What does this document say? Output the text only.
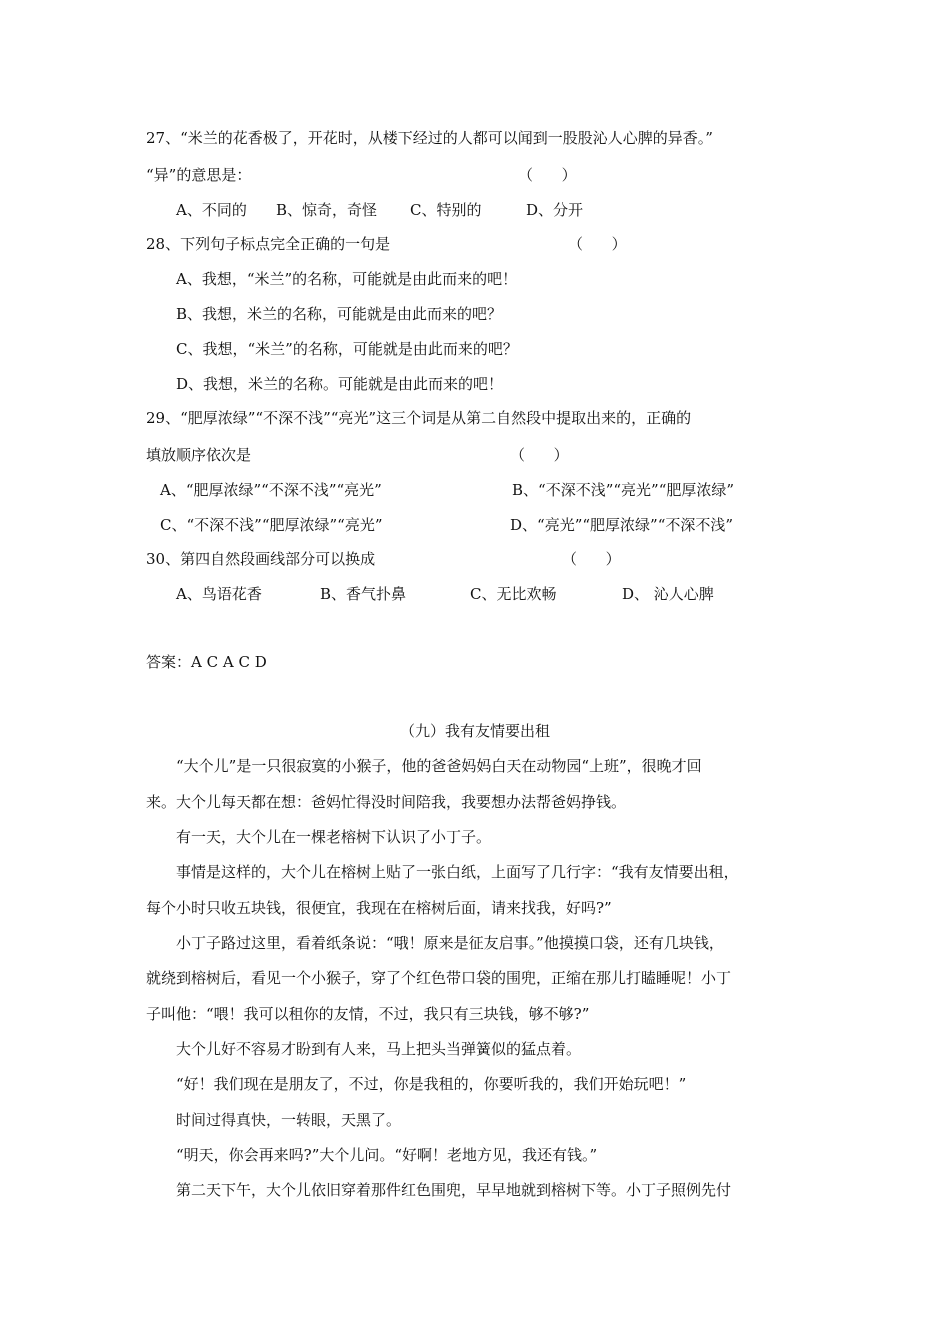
27、“米兰的花香极了，开花时，从楼下经过的人都可以闻到一股股沁人心脾的异香。”
“异”的意思是：	（      ）
A、不同的 B、惊奇，奇怪 C、特别的	D、分开
28、下列句子标点完全正确的一句是	（      ）
A、我想，“米兰”的名称，可能就是由此而来的吧！
B、我想，米兰的名称，可能就是由此而来的吧？
C、我想，“米兰”的名称，可能就是由此而来的吧？
D、我想，米兰的名称。可能就是由此而来的吧！
29、“肥厚浓绿”“不深不浅”“亮光”这三个词是从第二自然段中提取出来的，正确的
填放顺序依次是	（      ）
A、“肥厚浓绿”“不深不浅”“亮光”	B、“不深不浅”“亮光”“肥厚浓绿”
C、“不深不浅”“肥厚浓绿”“亮光”	D、“亮光”“肥厚浓绿”“不深不浅”
30、第四自然段画线部分可以换成	（      ）
A、鸟语花香	B、香气扑鼻	C、无比欢畅	D、 沁人心脾
答案：A C A C D
（九）我有友情要出租
“大个儿”是一只很寂寞的小猴子，他的爸爸妈妈白天在动物园“上班”，很晚才回
来。大个儿每天都在想：爸妈忙得没时间陪我，我要想办法帮爸妈挣钱。
有一天，大个儿在一棵老榕树下认识了小丁子。
事情是这样的，大个儿在榕树上贴了一张白纸，上面写了几行字：“我有友情要出租，
每个小时只收五块钱，很便宜，我现在在榕树后面，请来找我，好吗?”
小丁子路过这里，看着纸条说：“哦！原来是征友启事。”他摸摸口袋，还有几块钱，
就绕到榕树后，看见一个小猴子，穿了个红色带口袋的围兜，正缩在那儿打瞌睡呢！小丁
子叫他：“喂！我可以租你的友情，不过，我只有三块钱，够不够?”
大个儿好不容易才盼到有人来，马上把头当弹簧似的猛点着。
“好！我们现在是朋友了，不过，你是我租的，你要听我的，我们开始玩吧！”
时间过得真快，一转眼，天黑了。
“明天，你会再来吗?”大个儿问。“好啊！老地方见，我还有钱。”
第二天下午，大个儿依旧穿着那件红色围兜，早早地就到榕树下等。小丁子照例先付
